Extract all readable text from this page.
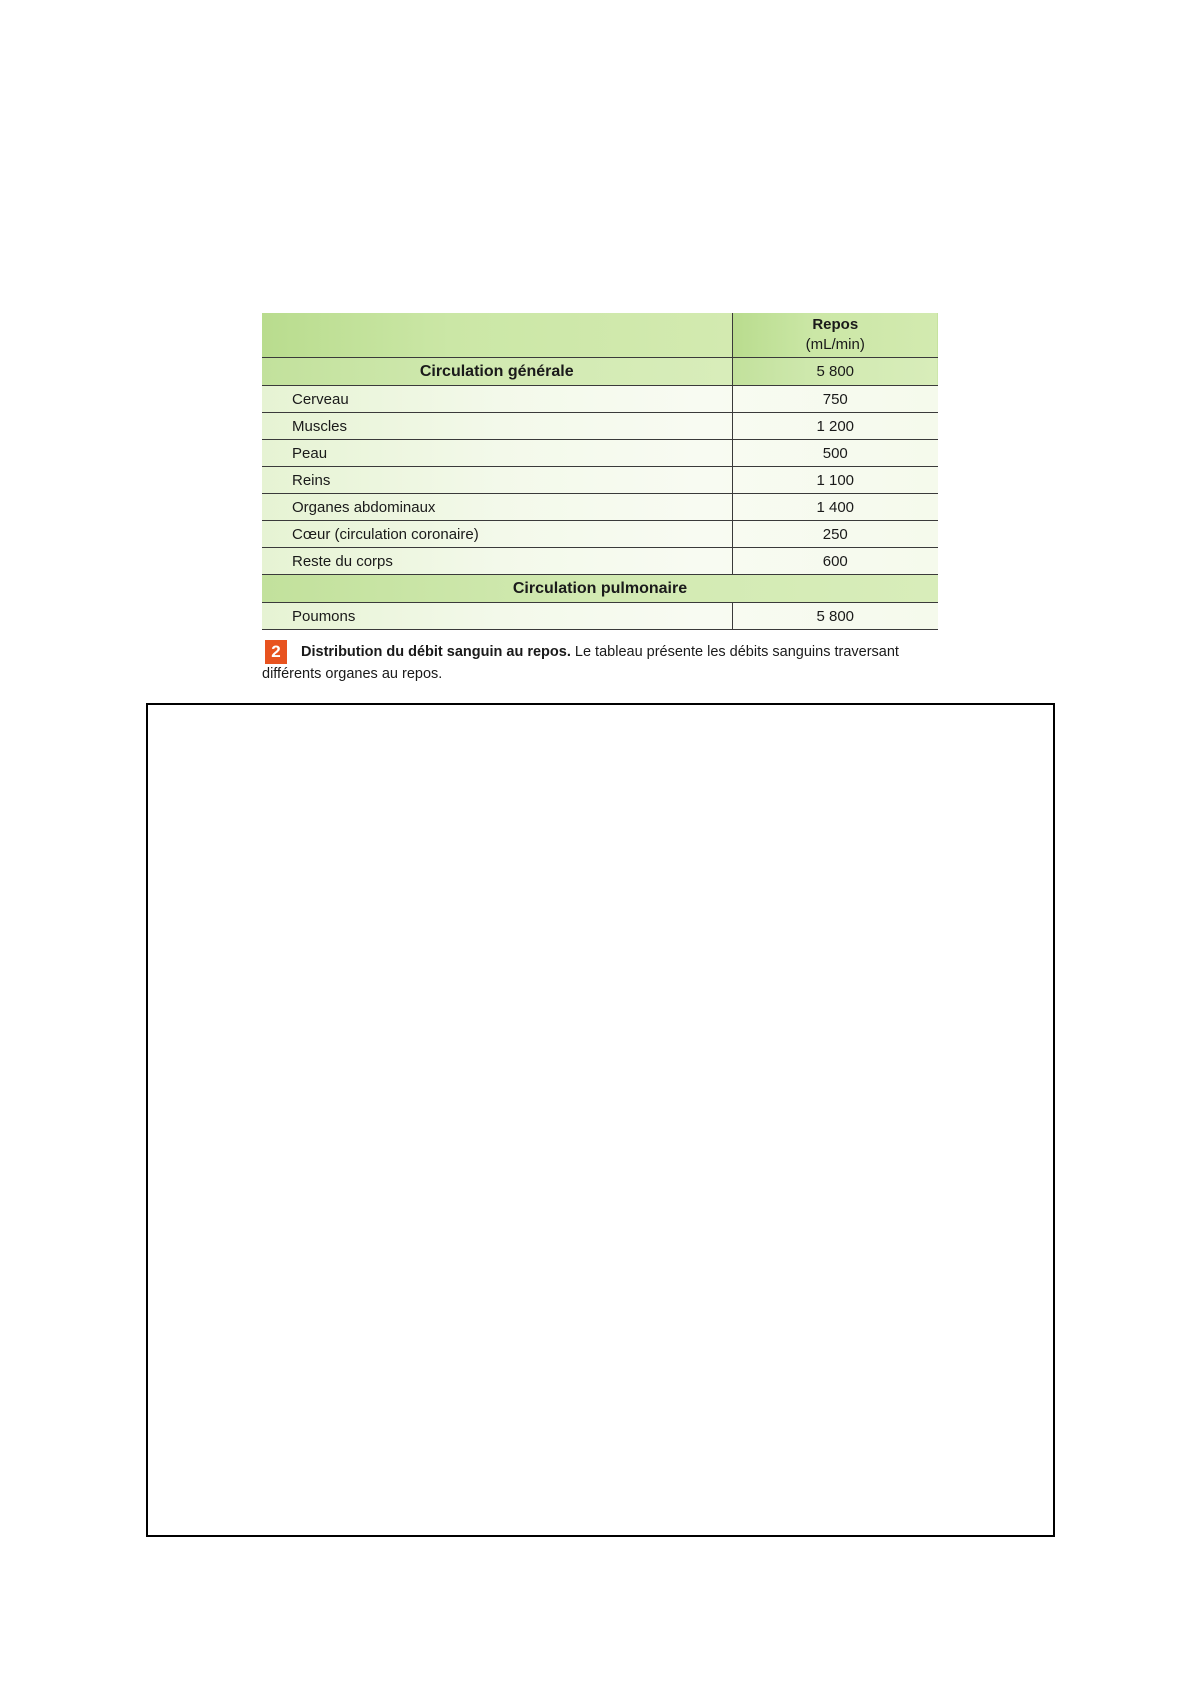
	Repos
(mL/min)
Circulation générale	5 800
Cerveau	750
Muscles	1 200
Peau	500
Reins	1 100
Organes abdominaux	1 400
Cœur (circulation coronaire)	250
Reste du corps	600
Circulation pulmonaire	
Poumons	5 800
2 Distribution du débit sanguin au repos. Le tableau présente les débits sanguins traversant différents organes au repos.
